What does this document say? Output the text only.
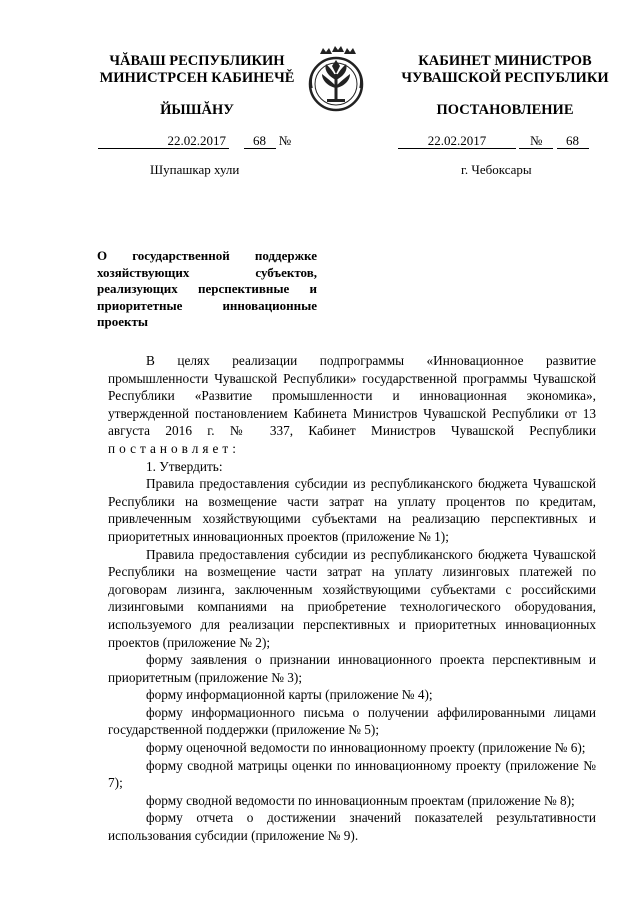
ЧĂВАШ РЕСПУБЛИКИН
МИНИСТРСЕН КАБИНЕЧĚ
ЙЫШĂНУ
КАБИНЕТ МИНИСТРОВ
ЧУВАШСКОЙ РЕСПУБЛИКИ
ПОСТАНОВЛЕНИЕ
22.02.2017 68 №	22.02.2017	№ 68
Шупашкар хули	г. Чебоксары
О государственной поддержке хозяйствующих субъектов, реализующих перспективные и приоритетные инновационные проекты

В целях реализации подпрограммы «Инновационное развитие промышленности Чувашской Республики» государственной программы Чувашской Республики «Развитие промышленности и инновационная экономика», утвержденной постановлением Кабинета Министров Чувашской Республики от 13 августа 2016 г. № 337, Кабинет Министров Чувашской Республики постановляет:

1. Утвердить:

Правила предоставления субсидии из республиканского бюджета Чувашской Республики на возмещение части затрат на уплату процентов по кредитам, привлеченным хозяйствующими субъектами на реализацию перспективных и приоритетных инновационных проектов (приложение № 1);

Правила предоставления субсидии из республиканского бюджета Чувашской Республики на возмещение части затрат на уплату лизинговых платежей по договорам лизинга, заключенным хозяйствующими субъектами с российскими лизинговыми компаниями на приобретение технологического оборудования, используемого для реализации перспективных и приоритетных инновационных проектов (приложение № 2);

форму заявления о признании инновационного проекта перспективным и приоритетным (приложение № 3);

форму информационной карты (приложение № 4);

форму информационного письма о получении аффилированными лицами государственной поддержки (приложение № 5);

форму оценочной ведомости по инновационному проекту (приложение № 6);

форму сводной матрицы оценки по инновационному проекту (приложение № 7);

форму сводной ведомости по инновационным проектам (приложение № 8);

форму отчета о достижении значений показателей результативности использования субсидии (приложение № 9).
